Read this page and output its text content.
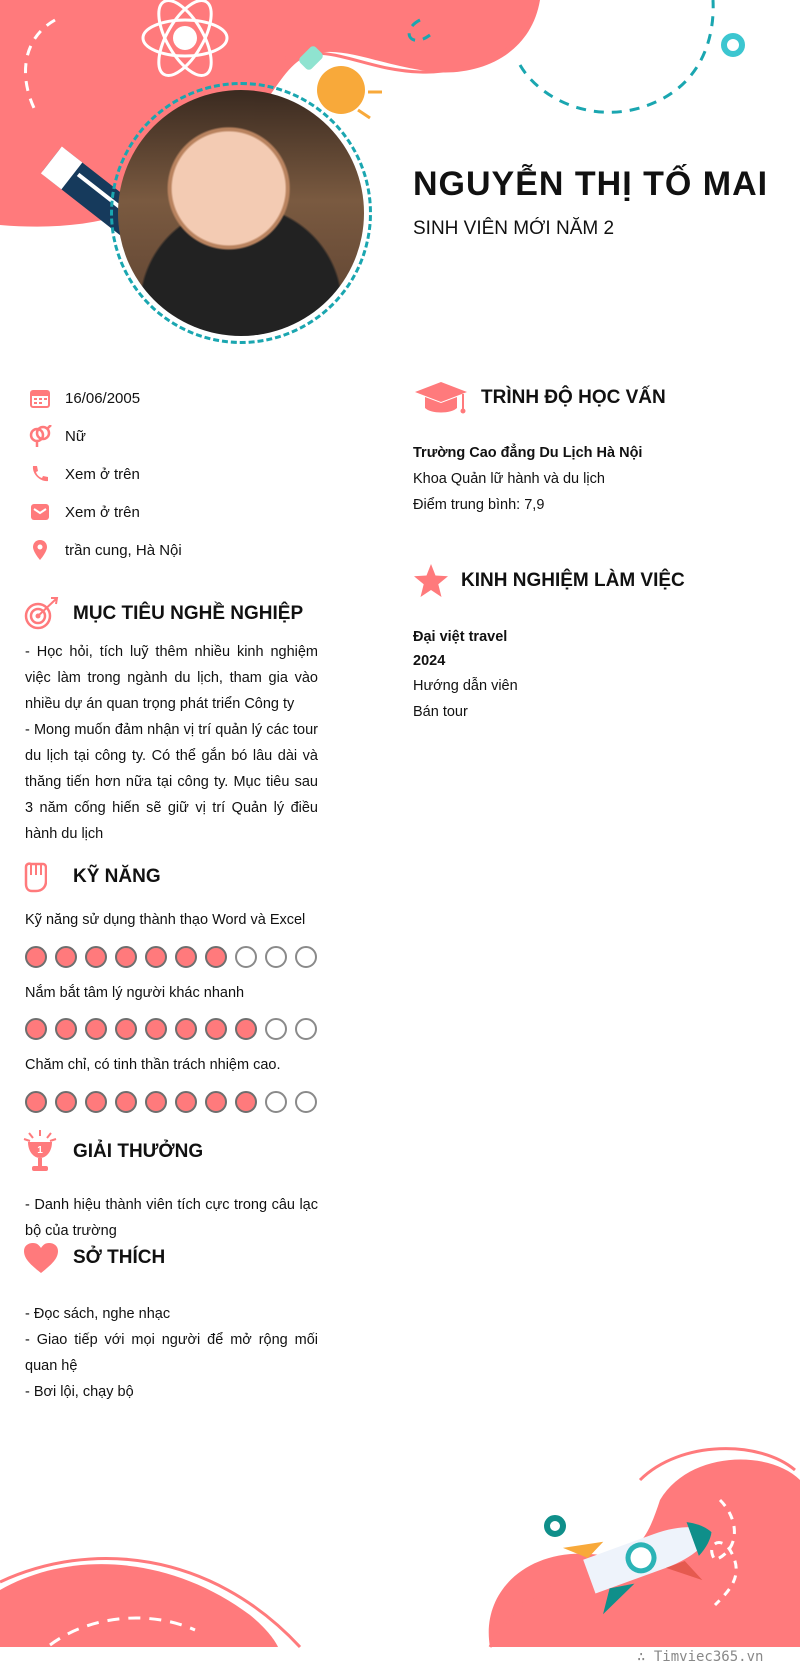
NGUYỄN THỊ TỐ MAI
SINH VIÊN MỚI NĂM 2
16/06/2005
Nữ
Xem ở trên
Xem ở trên
trần cung, Hà Nội
MỤC TIÊU NGHỀ NGHIỆP
- Học hỏi, tích luỹ thêm nhiều kinh nghiệm việc làm trong ngành du lịch, tham gia vào nhiều dự án quan trọng phát triển Công ty
- Mong muốn đảm nhận vị trí quản lý các tour du lịch tại công ty. Có thể gắn bó lâu dài và thăng tiến hơn nữa tại công ty. Mục tiêu sau 3 năm cống hiến sẽ giữ vị trí Quản lý điều hành du lịch
KỸ NĂNG
Kỹ năng sử dụng thành thạo Word và Excel
Nắm bắt tâm lý người khác nhanh
Chăm chỉ, có tinh thần trách nhiệm cao.
1 GIẢI THƯỞNG
- Danh hiệu thành viên tích cực trong câu lạc bộ của trường
SỞ THÍCH
- Đọc sách, nghe nhạc
- Giao tiếp với mọi người để mở rộng mối quan hệ
- Bơi lội, chạy bộ
TRÌNH ĐỘ HỌC VẤN
Trường Cao đẳng Du Lịch Hà Nội
Khoa Quản lữ hành và du lịch
Điểm trung bình: 7,9
KINH NGHIỆM LÀM VIỆC
Đại việt travel
2024
Hướng dẫn viên
Bán tour
∴ Timviec365.vn
